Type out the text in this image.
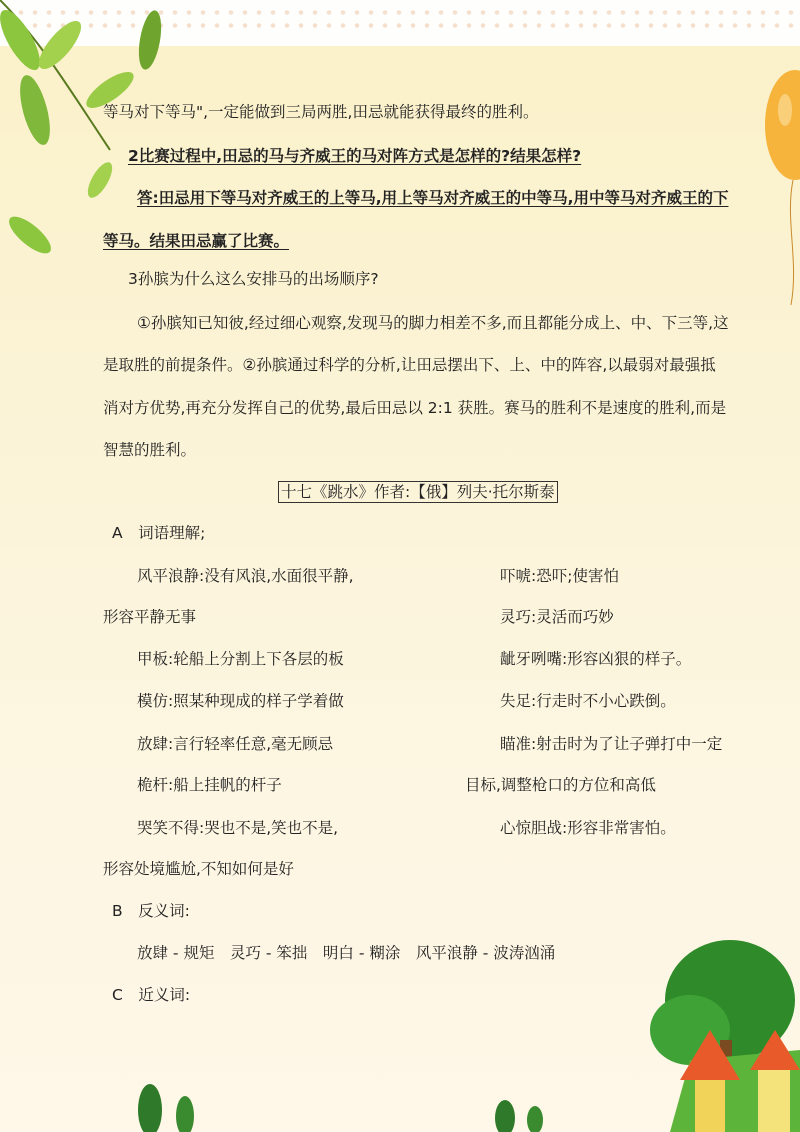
等马对下等马",一定能做到三局两胜,田忌就能获得最终的胜利。
2比赛过程中,田忌的马与齐威王的马对阵方式是怎样的?结果怎样?
答:田忌用下等马对齐威王的上等马,用上等马对齐威王的中等马,用中等马对齐威王的下
等马。结果田忌赢了比赛。
3孙膑为什么这么安排马的出场顺序?
①孙膑知已知彼,经过细心观察,发现马的脚力相差不多,而且都能分成上、中、下三等,这
是取胜的前提条件。②孙膑通过科学的分析,让田忌摆出下、上、中的阵容,以最弱对最强抵
消对方优势,再充分发挥自己的优势,最后田忌以 2:1 获胜。赛马的胜利不是速度的胜利,而是
智慧的胜利。
十七《跳水》作者:【俄】列夫·托尔斯泰
A　词语理解;
风平浪静:没有风浪,水面很平静,	吓唬:恐吓;使害怕
形容平静无事	灵巧:灵活而巧妙
甲板:轮船上分割上下各层的板	龇牙咧嘴:形容凶狠的样子。
模仿:照某种现成的样子学着做	失足:行走时不小心跌倒。
放肆:言行轻率任意,毫无顾忌	瞄准:射击时为了让子弹打中一定
桅杆:船上挂帆的杆子	目标,调整枪口的方位和高低
哭笑不得:哭也不是,笑也不是,	心惊胆战:形容非常害怕。
形容处境尴尬,不知如何是好
B　反义词:
放肆 - 规矩　灵巧 - 笨拙　明白 - 糊涂　风平浪静 - 波涛汹涌
C　近义词:
